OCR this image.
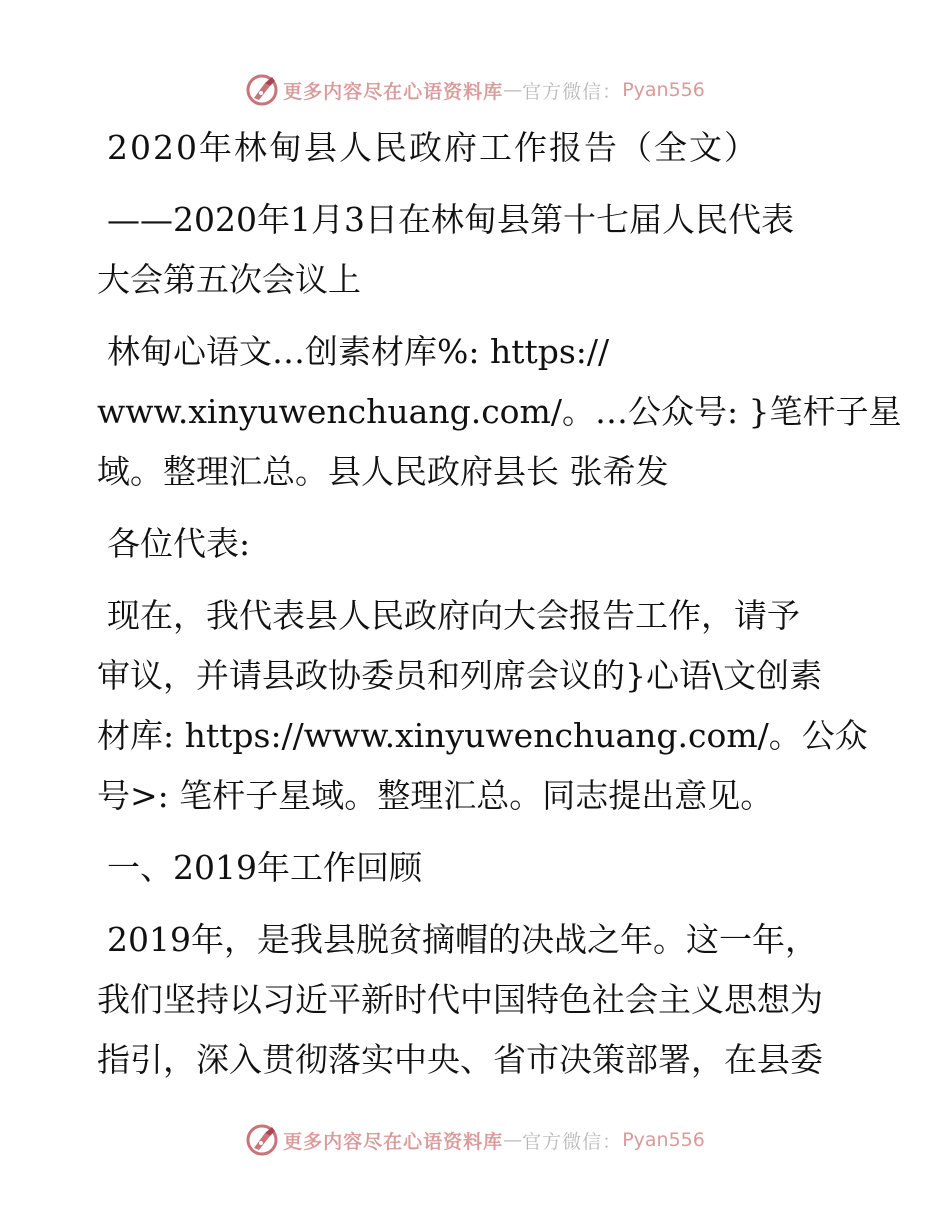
更多内容尽在心语资料库 — 官方微信： Pyan556

2020年林甸县人民政府工作报告（全文）

——2020年1月3日在林甸县第十七届人民代表
大会第五次会议上

林甸心语文…创素材库%: https://
www.xinyuwenchuang.com/。…公众号: }笔杆子星
域。整理汇总。县人民政府县长 张希发

各位代表:

现在，我代表县人民政府向大会报告工作，请予
审议，并请县政协委员和列席会议的}心语\文创素
材库: https://www.xinyuwenchuang.com/。公众
号>: 笔杆子星域。整理汇总。同志提出意见。

一、2019年工作回顾

2019年，是我县脱贫摘帽的决战之年。这一年，
我们坚持以习近平新时代中国特色社会主义思想为
指引，深入贯彻落实中央、省市决策部署，在县委

更多内容尽在心语资料库 — 官方微信： Pyan556
